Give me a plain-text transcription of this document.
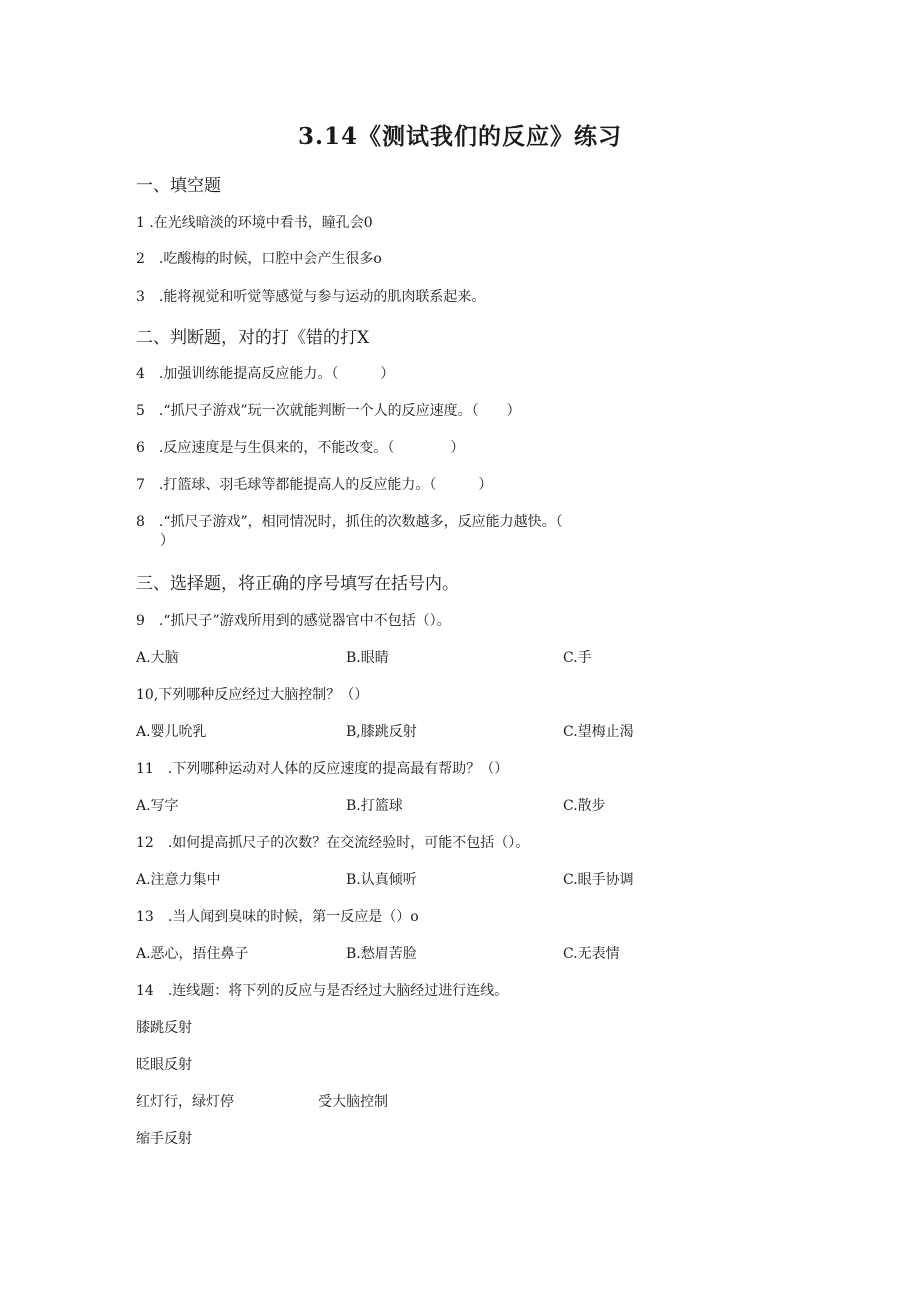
3.14《测试我们的反应》练习

一、填空题

1 .在光线暗淡的环境中看书，瞳孔会0

2　.吃酸梅的时候，口腔中会产生很多o

3　.能将视觉和听觉等感觉与参与运动的肌肉联系起来。

二、判断题，对的打《错的打X

4　.加强训练能提高反应能力。（　　　）

5　.“抓尺子游戏”玩一次就能判断一个人的反应速度。（　　）

6　.反应速度是与生俱来的，不能改变。（　　　　）

7　.打篮球、羽毛球等都能提高人的反应能力。（　　　）

8　.“抓尺子游戏”，相同情况时，抓住的次数越多，反应能力越快。（

）

三、选择题，将正确的序号填写在括号内。

9　.“抓尺子”游戏所用到的感觉器官中不包括（）。

A.大脑	B.眼睛	C.手

10,下列哪种反应经过大脑控制？（）

A.婴儿吮乳	B,膝跳反射	C.望梅止渴

11　.下列哪种运动对人体的反应速度的提高最有帮助？（）

A.写字	B.打篮球	C.散步

12　.如何提高抓尺子的次数？在交流经验时，可能不包括（）。

A.注意力集中	B.认真倾听	C.眼手协调

13　.当人闻到臭味的时候，第一反应是（）o

A.恶心，捂住鼻子	B.愁眉苦脸	C.无表情

14　.连线题：将下列的反应与是否经过大脑经过进行连线。

膝跳反射

眨眼反射

红灯行，绿灯停	受大脑控制

缩手反射
